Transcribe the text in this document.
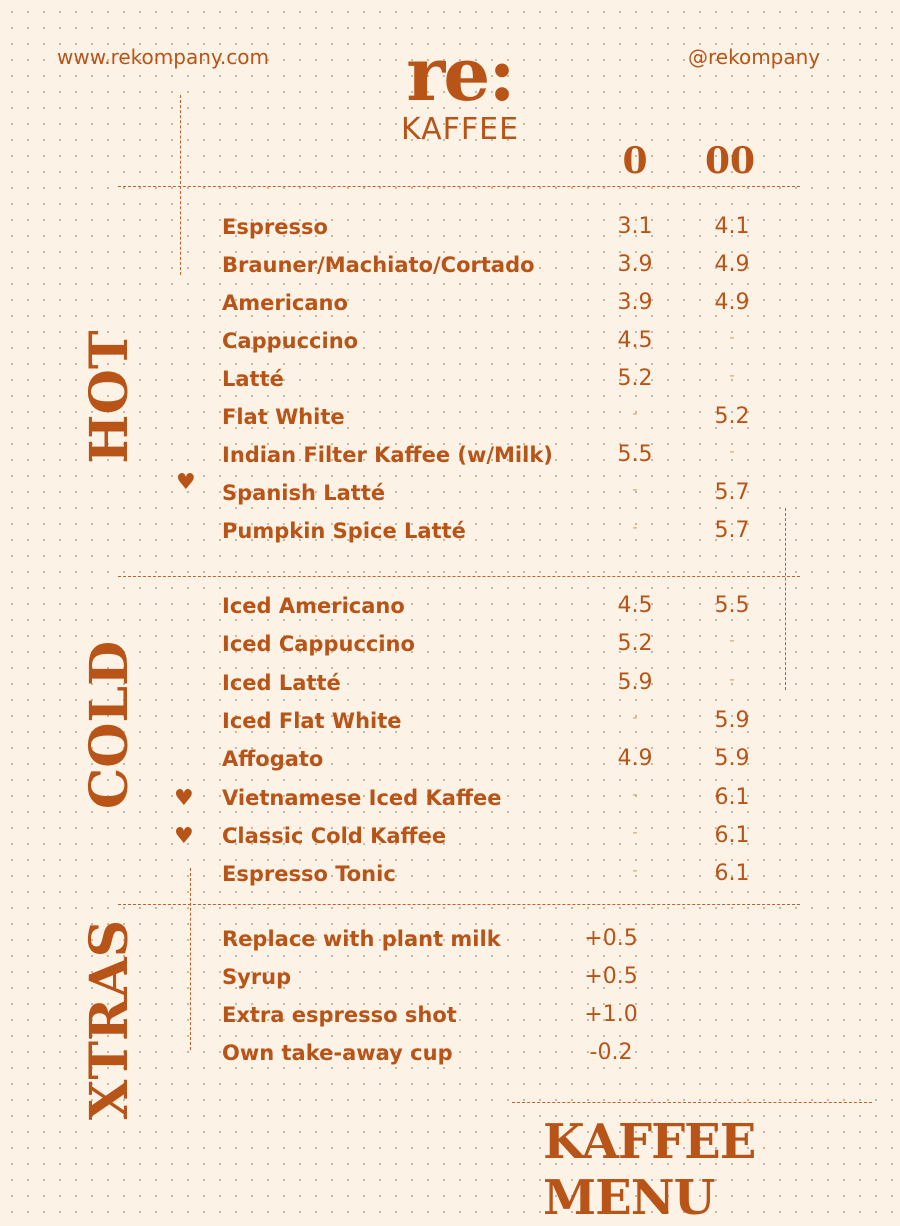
www.rekompany.com	@rekompany
re:
KAFFEE
0	00
HOT
COLD
XTRAS
Espresso	3.1	4.1
Brauner/Machiato/Cortado	3.9	4.9
Americano	3.9	4.9
Cappuccino	4.5	-
Latté	5.2	-
Flat White	-	5.2
Indian Filter Kaffee (w/Milk)	5.5	-
Spanish Latté	-	5.7
Pumpkin Spice Latté	-	5.7
Iced Americano	4.5	5.5
Iced Cappuccino	5.2	-
Iced Latté	5.9	-
Iced Flat White	-	5.9
Affogato	4.9	5.9
Vietnamese Iced Kaffee	-	6.1
Classic Cold Kaffee	-	6.1
Espresso Tonic	-	6.1
Replace with plant milk	+0.5
Syrup	+0.5
Extra espresso shot	+1.0
Own take-away cup	-0.2
♥
♥
♥
KAFFEE MENU
